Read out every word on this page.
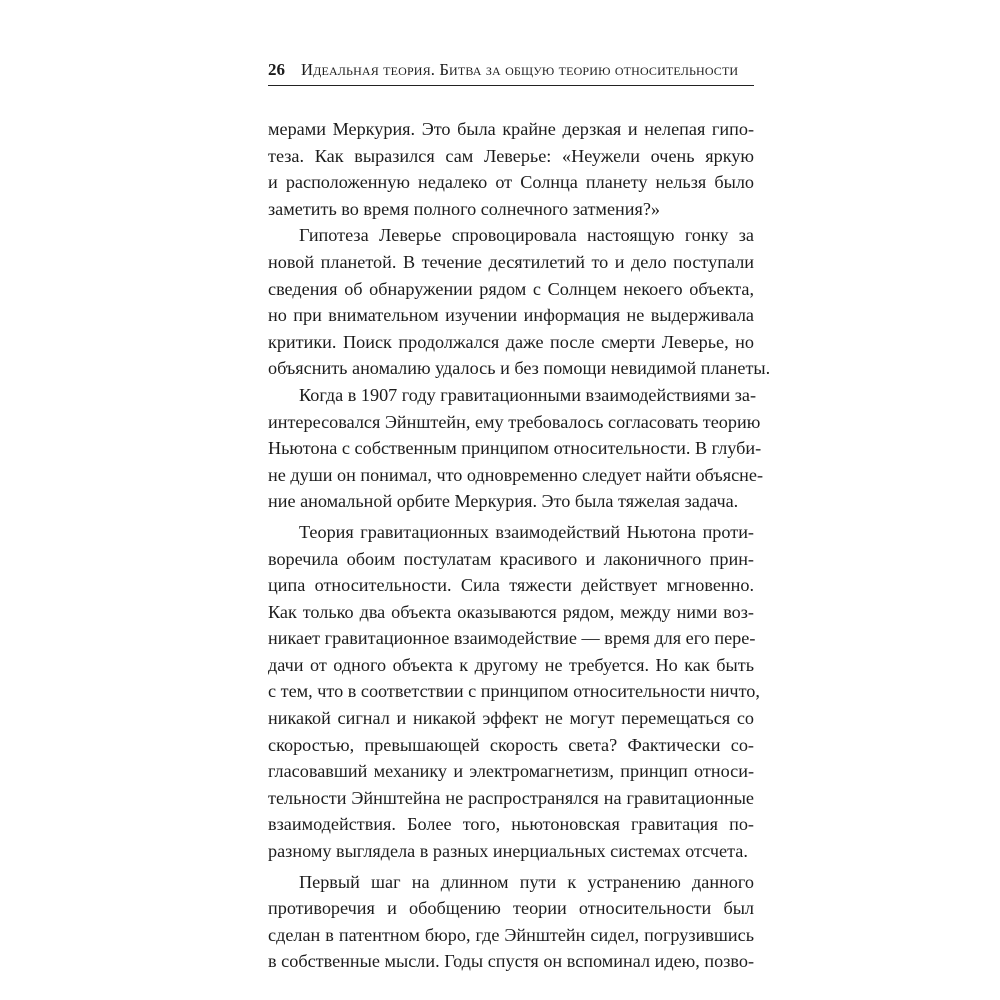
26 Идеальная теория. Битва за общую теорию относительности
мерами Меркурия. Это была крайне дерзкая и нелепая гипо-
теза. Как выразился сам Леверье: «Неужели очень яркую
и расположенную недалеко от Солнца планету нельзя было
заметить во время полного солнечного затмения?»
Гипотеза Леверье спровоцировала настоящую гонку за
новой планетой. В течение десятилетий то и дело поступали
сведения об обнаружении рядом с Солнцем некоего объекта,
но при внимательном изучении информация не выдерживала
критики. Поиск продолжался даже после смерти Леверье, но
объяснить аномалию удалось и без помощи невидимой планеты.
Когда в 1907 году гравитационными взаимодействиями за-
интересовался Эйнштейн, ему требовалось согласовать теорию
Ньютона с собственным принципом относительности. В глуби-
не души он понимал, что одновременно следует найти объясне-
ние аномальной орбите Меркурия. Это была тяжелая задача.
Теория гравитационных взаимодействий Ньютона проти-
воречила обоим постулатам красивого и лаконичного прин-
ципа относительности. Сила тяжести действует мгновенно.
Как только два объекта оказываются рядом, между ними воз-
никает гравитационное взаимодействие — время для его пере-
дачи от одного объекта к другому не требуется. Но как быть
с тем, что в соответствии с принципом относительности ничто,
никакой сигнал и никакой эффект не могут перемещаться со
скоростью, превышающей скорость света? Фактически со-
гласовавший механику и электромагнетизм, принцип относи-
тельности Эйнштейна не распространялся на гравитационные
взаимодействия. Более того, ньютоновская гравитация по-
разному выглядела в разных инерциальных системах отсчета.
Первый шаг на длинном пути к устранению данного
противоречия и обобщению теории относительности был
сделан в патентном бюро, где Эйнштейн сидел, погрузившись
в собственные мысли. Годы спустя он вспоминал идею, позво-
